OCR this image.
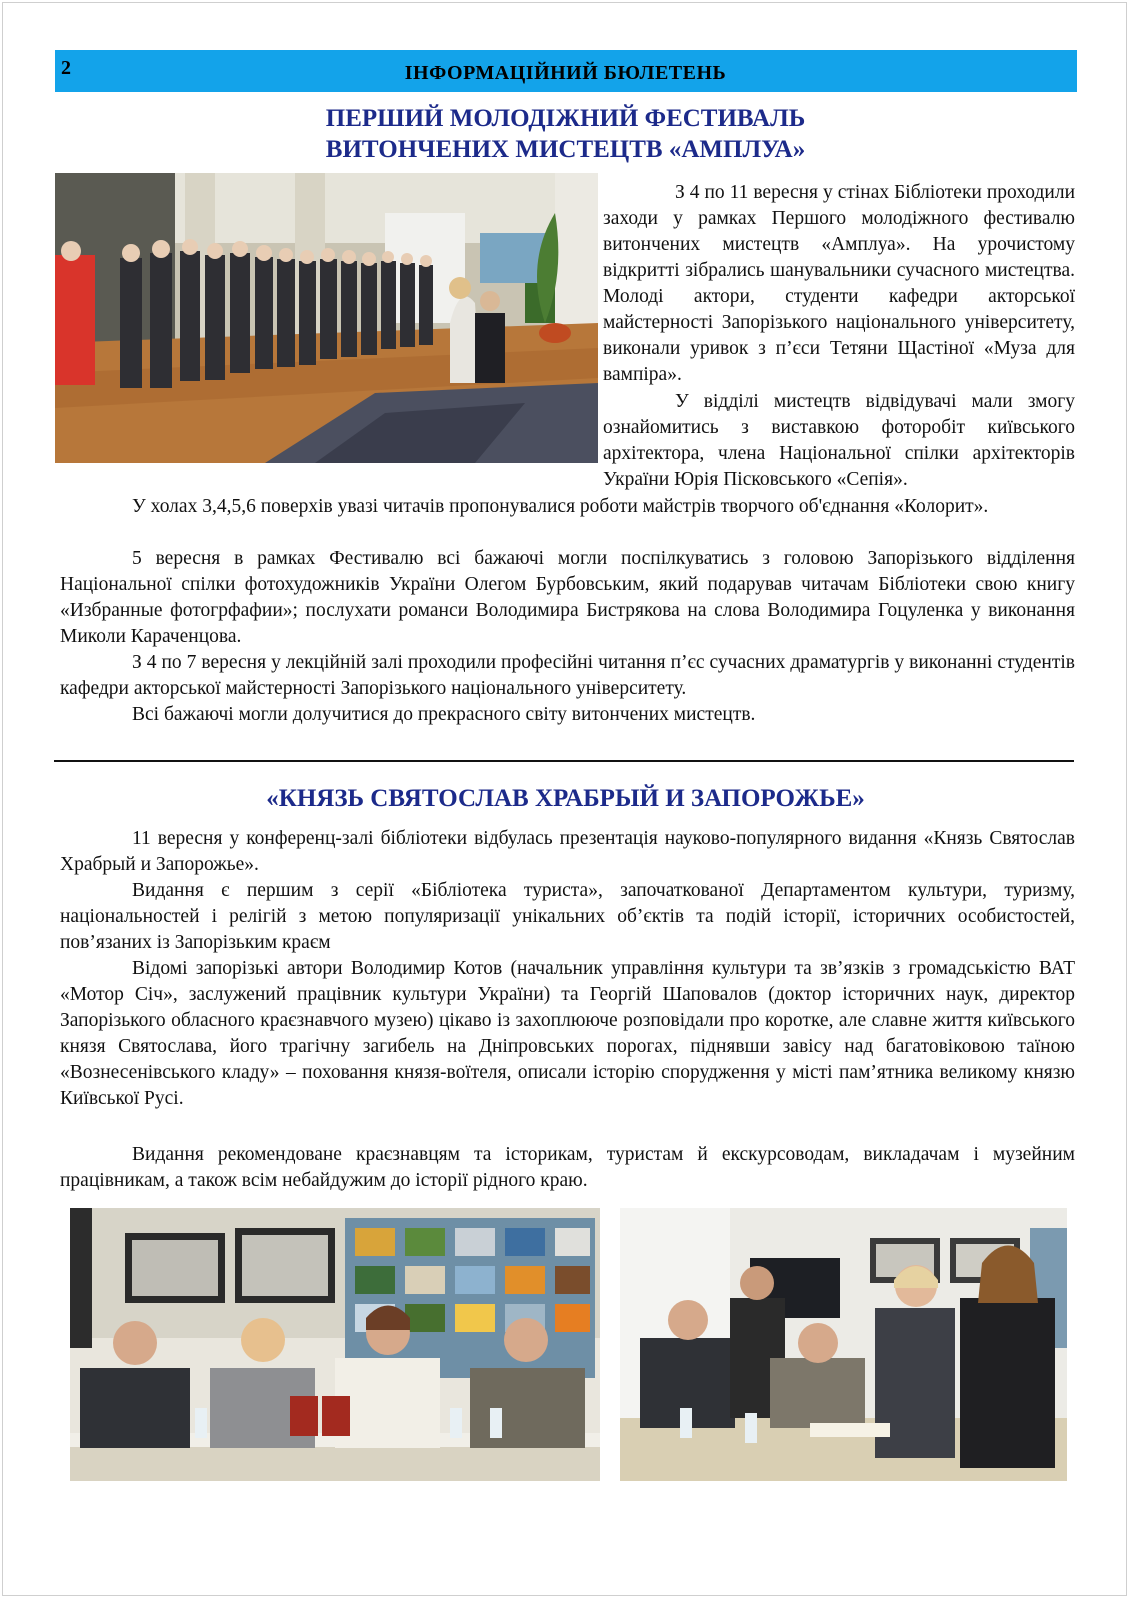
2	ІНФОРМАЦІЙНИЙ БЮЛЕТЕНЬ
ПЕРШИЙ МОЛОДІЖНИЙ ФЕСТИВАЛЬ
ВИТОНЧЕНИХ МИСТЕЦТВ «АМПЛУА»

З 4 по 11 вересня у стінах Бібліотеки проходили заходи у рамках Першого молодіжного фестивалю витончених мистецтв «Амплуа». На урочистому відкритті зібрались шанувальники сучасного мистецтва. Молоді актори, студенти кафедри акторської майстерності Запорізького національного університету, виконали уривок з п’єси Тетяни Щастіної «Муза для вампіра».

У відділі мистецтв відвідувачі мали змогу ознайомитись з виставкою фоторобіт київського архітектора, члена Національної спілки архітекторів України Юрія Пісковського «Сепія».

У холах 3,4,5,6 поверхів увазі читачів пропонувалися роботи майстрів творчого об'єднання «Колорит».

5 вересня в рамках Фестивалю всі бажаючі могли поспілкуватись з головою Запорізького відділення Національної спілки фотохудожників України Олегом Бурбовським, який подарував читачам Бібліотеки свою книгу «Избранные фотогрфафии»; послухати романси Володимира Бистрякова на слова Володимира Гоцуленка у виконання Миколи Караченцова.

З 4 по 7 вересня у лекційній залі проходили професійні читання п’єс сучасних драматургів у виконанні студентів кафедри акторської майстерності Запорізького національного університету.

Всі бажаючі могли долучитися до прекрасного світу витончених мистецтв.

«КНЯЗЬ СВЯТОСЛАВ ХРАБРЫЙ И ЗАПОРОЖЬЕ»

11 вересня у конференц-залі бібліотеки відбулась презентація науково-популярного видання «Князь Святослав Храбрый и Запорожье».

Видання є першим з серії «Бібліотека туриста», започаткованої Департаментом культури, туризму, національностей і релігій з метою популяризації унікальних об’єктів та подій історії, історичних особистостей, пов’язаних із Запорізьким краєм

Відомі запорізькі автори Володимир Котов (начальник управління культури та зв’язків з громадськістю ВАТ «Мотор Січ», заслужений працівник культури України) та Георгій Шаповалов (доктор історичних наук, директор Запорізького обласного краєзнавчого музею) цікаво із захоплюючe розповідали про коротке, але славне життя київського князя Святослава, його трагічну загибель на Дніпровських порогах, піднявши завісу над багатовіковою таїною «Вознесенівського кладу» – поховання князя-воїтеля, описали історію спорудження у місті пам’ятника великому князю Київської Русі.

Видання рекомендоване краєзнавцям та історикам, туристам й екскурсоводам, викладачам і музейним працівникам, а також всім небайдужим до історії рідного краю.
